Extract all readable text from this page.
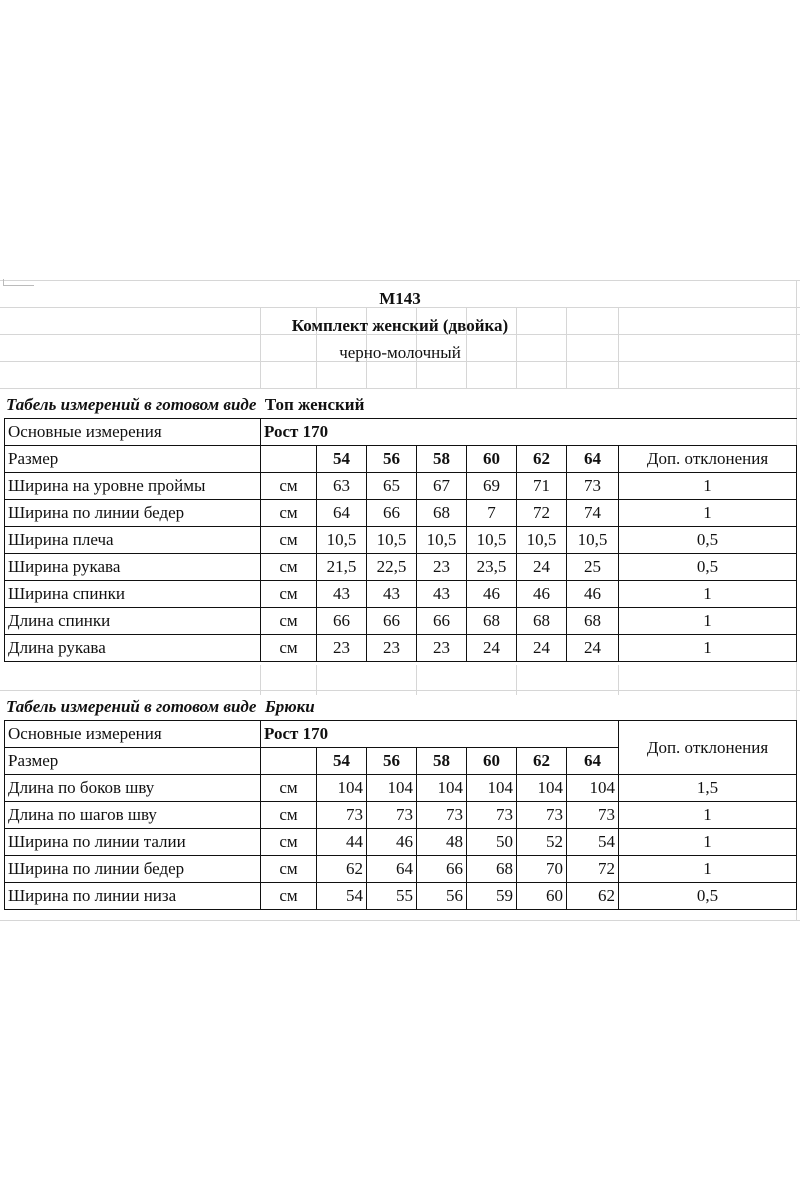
M143
Комплект женский (двойка)
черно-молочный
Табель измерений в готовом виде Топ женский
Основные измерения	Рост 170							
Размер		54	56	58	60	62	64	Доп. отклонения
Ширина на уровне проймы	см	63	65	67	69	71	73	1
Ширина по линии бедер	см	64	66	68	7	72	74	1
Ширина плеча	см	10,5	10,5	10,5	10,5	10,5	10,5	0,5
Ширина рукава	см	21,5	22,5	23	23,5	24	25	0,5
Ширина спинки	см	43	43	43	46	46	46	1
Длина спинки	см	66	66	66	68	68	68	1
Длина рукава	см	23	23	23	24	24	24	1
Табель измерений в готовом виде Брюки
Основные измерения	Рост 170							Доп. отклонения
Размер		54	56	58	60	62	64	
Длина по боков шву	см	104	104	104	104	104	104	1,5
Длина по шагов шву	см	73	73	73	73	73	73	1
Ширина по линии талии	см	44	46	48	50	52	54	1
Ширина по линии бедер	см	62	64	66	68	70	72	1
Ширина по линии низа	см	54	55	56	59	60	62	0,5
